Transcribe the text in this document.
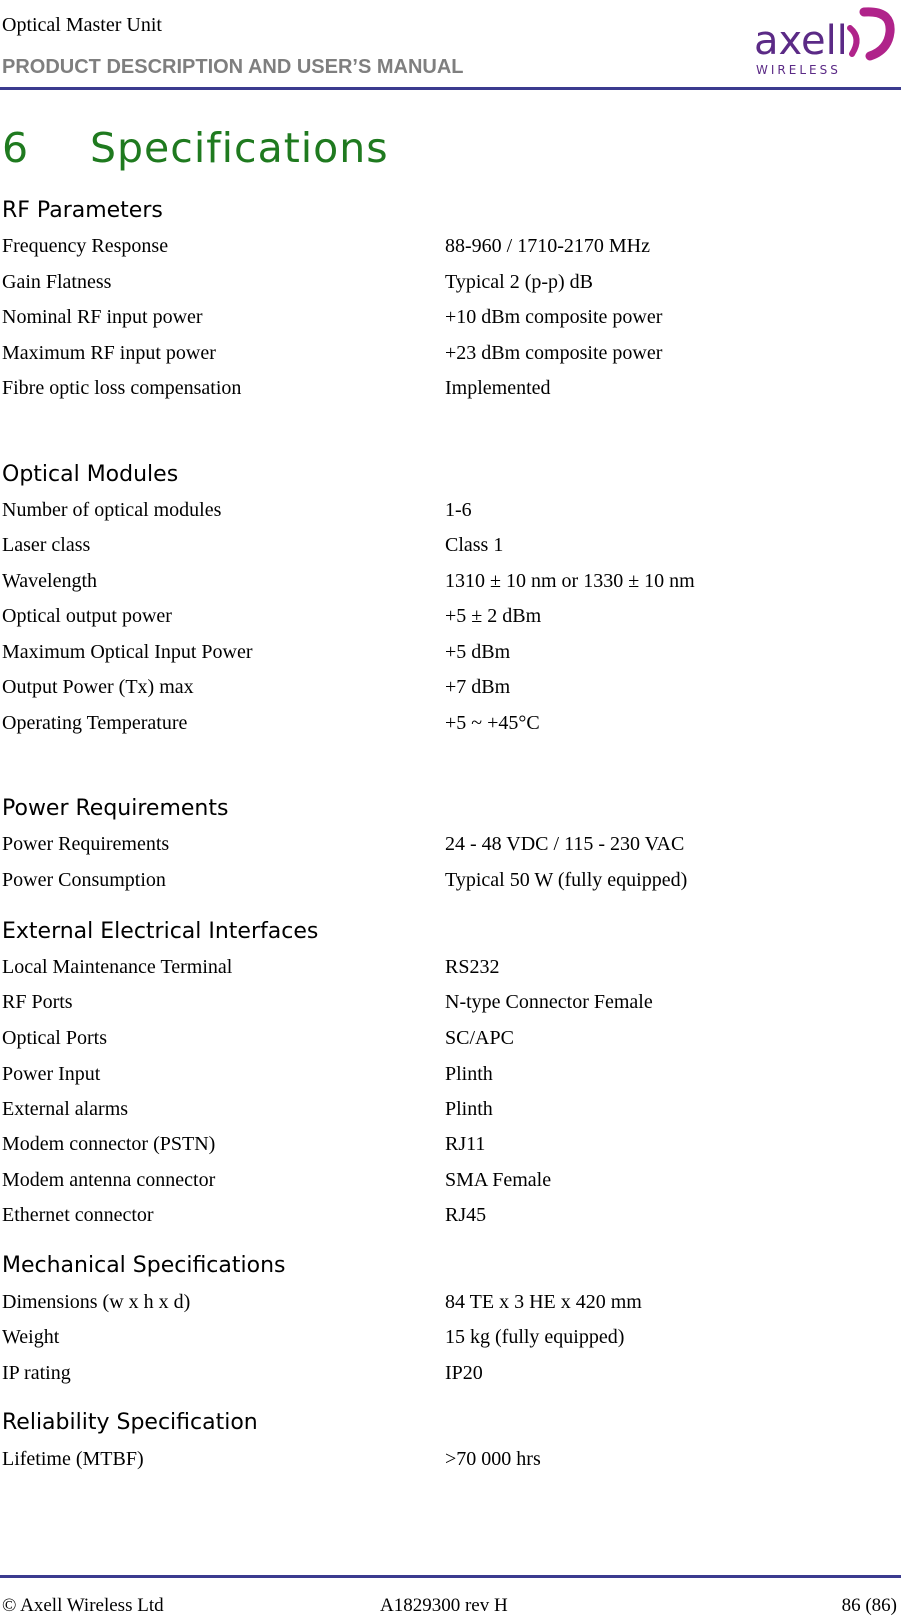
Optical Master Unit
PRODUCT DESCRIPTION AND USER’S MANUAL
axell
WIRELESS
6 Specifications
RF Parameters
Frequency Response	88-960 / 1710-2170 MHz
Gain Flatness	Typical 2 (p-p) dB
Nominal RF input power	+10 dBm composite power
Maximum RF input power	+23 dBm composite power
Fibre optic loss compensation	Implemented
Optical Modules
Number of optical modules	1-6
Laser class	Class 1
Wavelength	1310 ± 10 nm or 1330 ± 10 nm
Optical output power	+5 ± 2 dBm
Maximum Optical Input Power	+5 dBm
Output Power (Tx) max	+7 dBm
Operating Temperature	+5 ~ +45°C
Power Requirements
Power Requirements	24 - 48 VDC / 115 - 230 VAC
Power Consumption	Typical 50 W (fully equipped)
External Electrical Interfaces
Local Maintenance Terminal	RS232
RF Ports	N-type Connector Female
Optical Ports	SC/APC
Power Input	Plinth
External alarms	Plinth
Modem connector (PSTN)	RJ11
Modem antenna connector	SMA Female
Ethernet connector	RJ45
Mechanical Specifications
Dimensions (w x h x d)	84 TE x 3 HE x 420 mm
Weight	15 kg (fully equipped)
IP rating	IP20
Reliability Specification
Lifetime (MTBF)	>70 000 hrs
© Axell Wireless Ltd	A1829300 rev H	86 (86)
